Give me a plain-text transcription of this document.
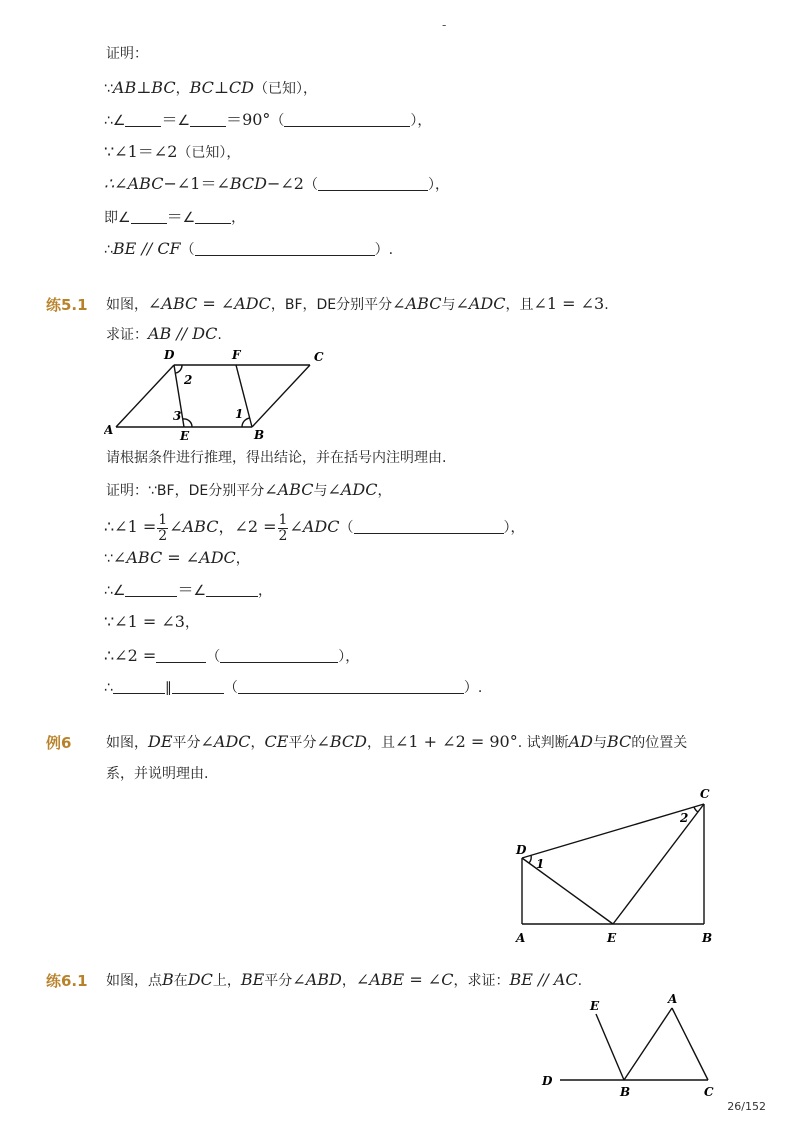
-
证明：
∵AB⊥BC，BC⊥CD（已知），
∴∠ ＝∠ ＝90°（	），
∵∠1＝∠2（已知），
∴∠ABC−∠1＝∠BCD−∠2（	），
即∠ ＝∠	，
∴BE // CF（	）.
练5.1 如图，∠ABC = ∠ADC，BF，DE分别平分∠ABC与∠ADC，且∠1 = ∠3.
求证：AB // DC.
D	F	C
A	E	B
2
3	1
请根据条件进行推理，得出结论，并在括号内注明理由.
证明：∵BF，DE分别平分∠ABC与∠ADC，
∴∠1 = $\frac{1}{2}$ ∠ABC，∠2 = $\frac{1}{2}$ ∠ADC（	），
∵∠ABC = ∠ADC，
∴∠	＝∠	，
∵∠1 = ∠3，
∴∠2 =	（	），
∴	∥	（	）.
例6 如图，DE平分∠ADC，CE平分∠BCD，且∠1 + ∠2 = 90°. 试判断AD与BC的位置关
系，并说明理由.
C
D
1
2
A	E	B
练6.1 如图，点B在DC上，BE平分∠ABD，∠ABE = ∠C，求证：BE // AC.
E	A
D
B	C
26/152
